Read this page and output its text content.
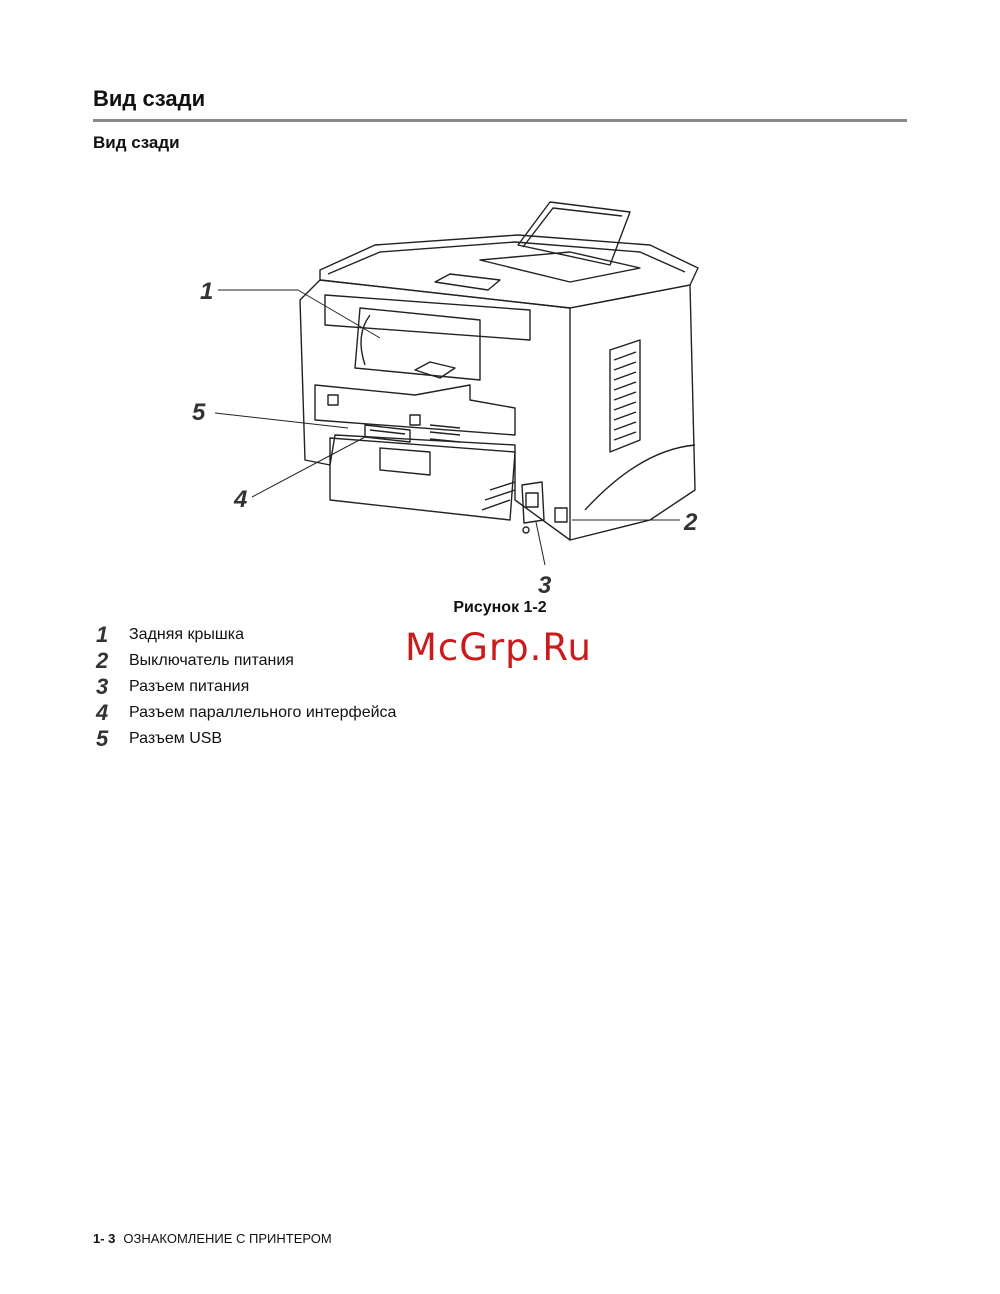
Вид сзади
Вид сзади
1
5
4
2
3
Рисунок 1-2
McGrp.Ru
1	Задняя крышка
2	Выключатель питания
3	Разъем питания
4	Разъем параллельного интерфейса
5	Разъем USB
1- 3 ОЗНАКОМЛЕНИЕ С ПРИНТЕРОМ
